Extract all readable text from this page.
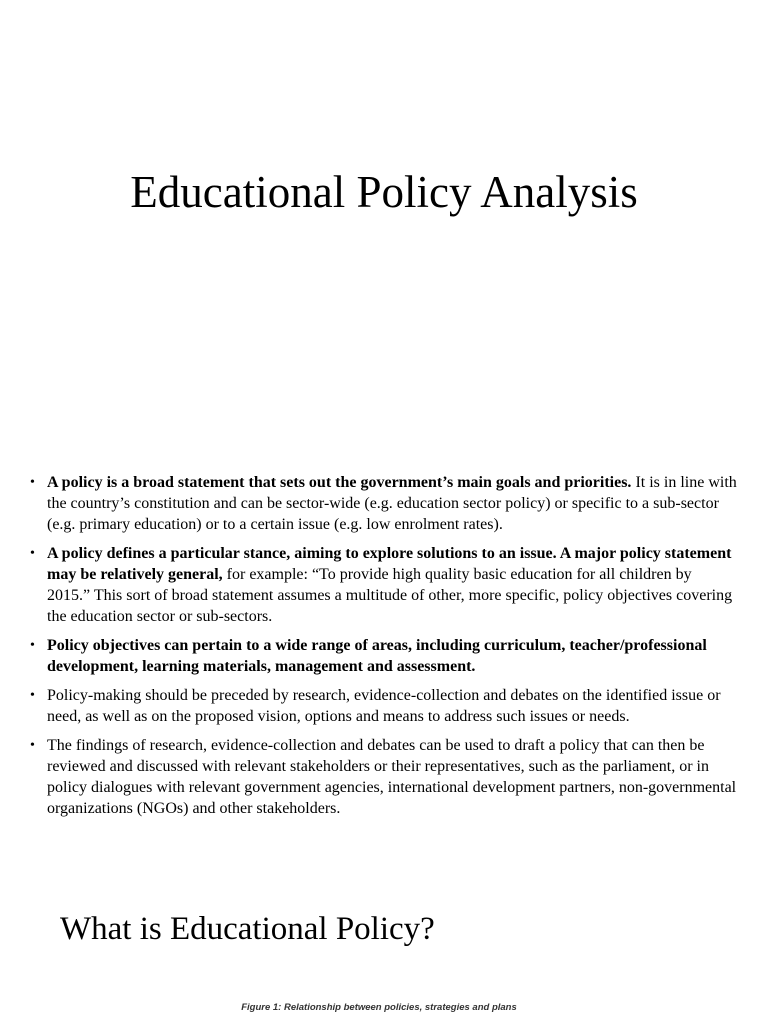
Educational Policy Analysis
• A policy is a broad statement that sets out the government’s main goals and priorities. It is in line with the country’s constitution and can be sector-wide (e.g. education sector policy) or specific to a sub-sector (e.g. primary education) or to a certain issue (e.g. low enrolment rates).
• A policy defines a particular stance, aiming to explore solutions to an issue. A major policy statement may be relatively general, for example: “To provide high quality basic education for all children by 2015.” This sort of broad statement assumes a multitude of other, more specific, policy objectives covering the education sector or sub-sectors.
• Policy objectives can pertain to a wide range of areas, including curriculum, teacher/professional development, learning materials, management and assessment.
• Policy-making should be preceded by research, evidence-collection and debates on the identified issue or need, as well as on the proposed vision, options and means to address such issues or needs.
• The findings of research, evidence-collection and debates can be used to draft a policy that can then be reviewed and discussed with relevant stakeholders or their representatives, such as the parliament, or in policy dialogues with relevant government agencies, international development partners, non-governmental organizations (NGOs) and other stakeholders.
What is Educational Policy?
Figure 1: Relationship between policies, strategies and plans
